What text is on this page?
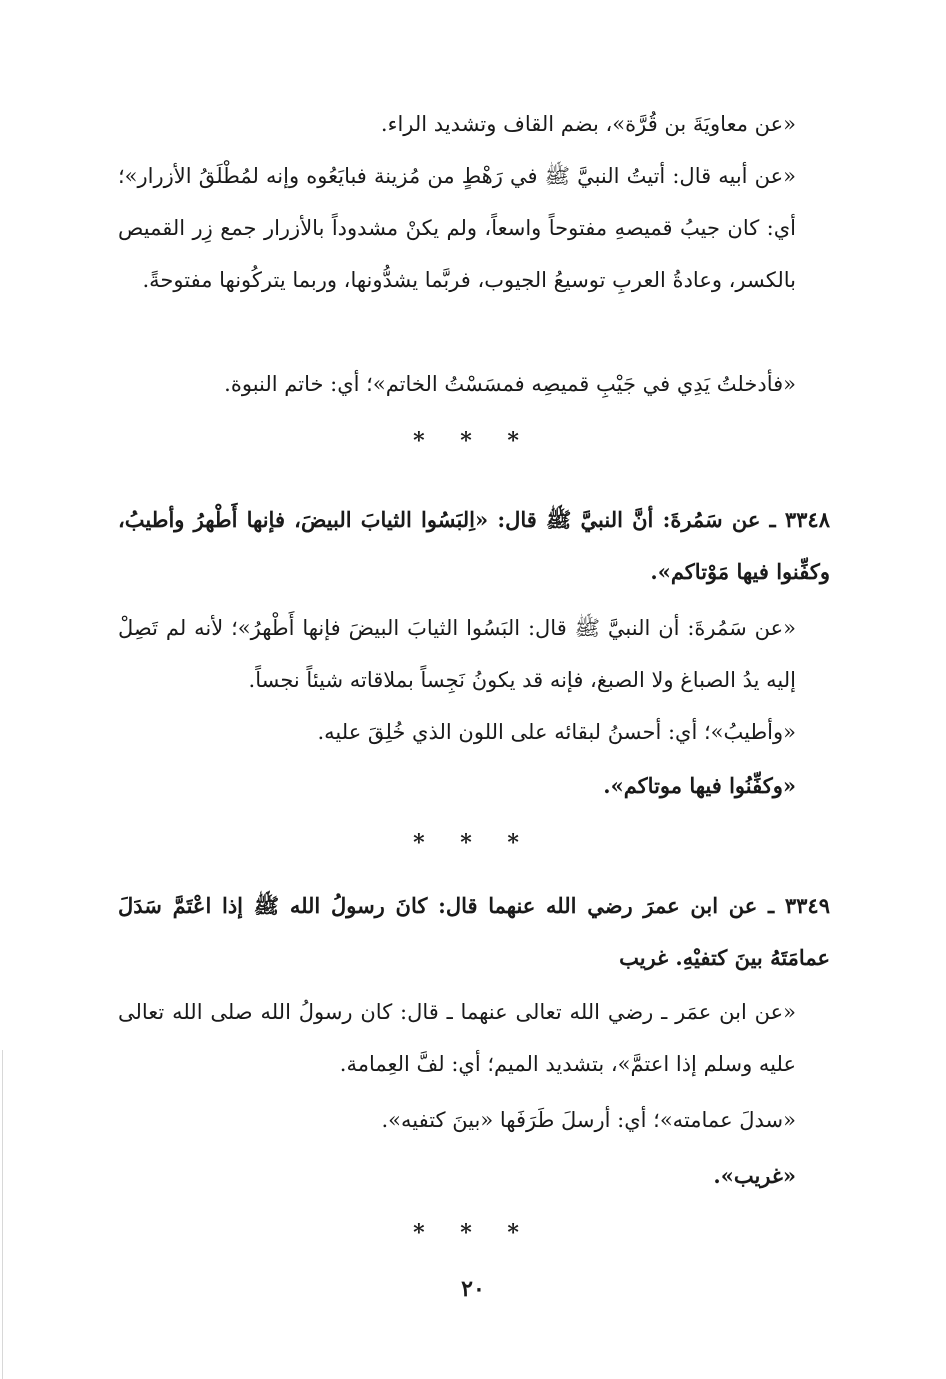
«عن معاويَةَ بن قُرَّة»، بضم القاف وتشديد الراء.

«عن أبيه قال: أتيتُ النبيَّ ﷺ في رَهْطٍ من مُزينة فبايَعُوه وإنه لمُطْلَقُ الأزرار»؛ أي: كان جيبُ قميصهِ مفتوحاً واسعاً، ولم يكنْ مشدوداً بالأزرار جمع زِر القميص بالكسر، وعادةُ العربِ توسيعُ الجيوب، فربَّما يشدُّونها، وربما يتركُونها مفتوحةً.

«فأدخلتُ يَدِي في جَيْبِ قميصِه فمسَسْتُ الخاتم»؛ أي: خاتم النبوة.

* * *

٣٣٤٨ ـ عن سَمُرةَ: أنَّ النبيَّ ﷺ قال: «اِلبَسُوا الثيابَ البيضَ، فإنها أَطْهرُ وأطيبُ، وكفِّنوا فيها مَوْتاكم».

«عن سَمُرةَ: أن النبيَّ ﷺ قال: البَسُوا الثيابَ البيضَ فإنها أَطْهرُ»؛ لأنه لم تَصِلْ إليه يدُ الصباغ ولا الصبغ، فإنه قد يكونُ نَجِساً بملاقاته شيئاً نجساً.

«وأطيبُ»؛ أي: أحسنُ لبقائه على اللون الذي خُلِقَ عليه.

«وكفِّنُوا فيها موتاكم».

* * *

٣٣٤٩ ـ عن ابن عمرَ رضي الله عنهما قال: كانَ رسولُ الله ﷺ إذا اعْتَمَّ سَدَلَ عمامَتَهُ بينَ كتفيْهِ. غريب

«عن ابن عمَر ـ رضي الله تعالى عنهما ـ قال: كان رسولُ الله صلى الله تعالى عليه وسلم إذا اعتمَّ»، بتشديد الميم؛ أي: لفَّ العِمامة.

«سدلَ عمامته»؛ أي: أرسلَ طَرَفَها «بينَ كتفيه».

«غريب».

* * *
٢٠
